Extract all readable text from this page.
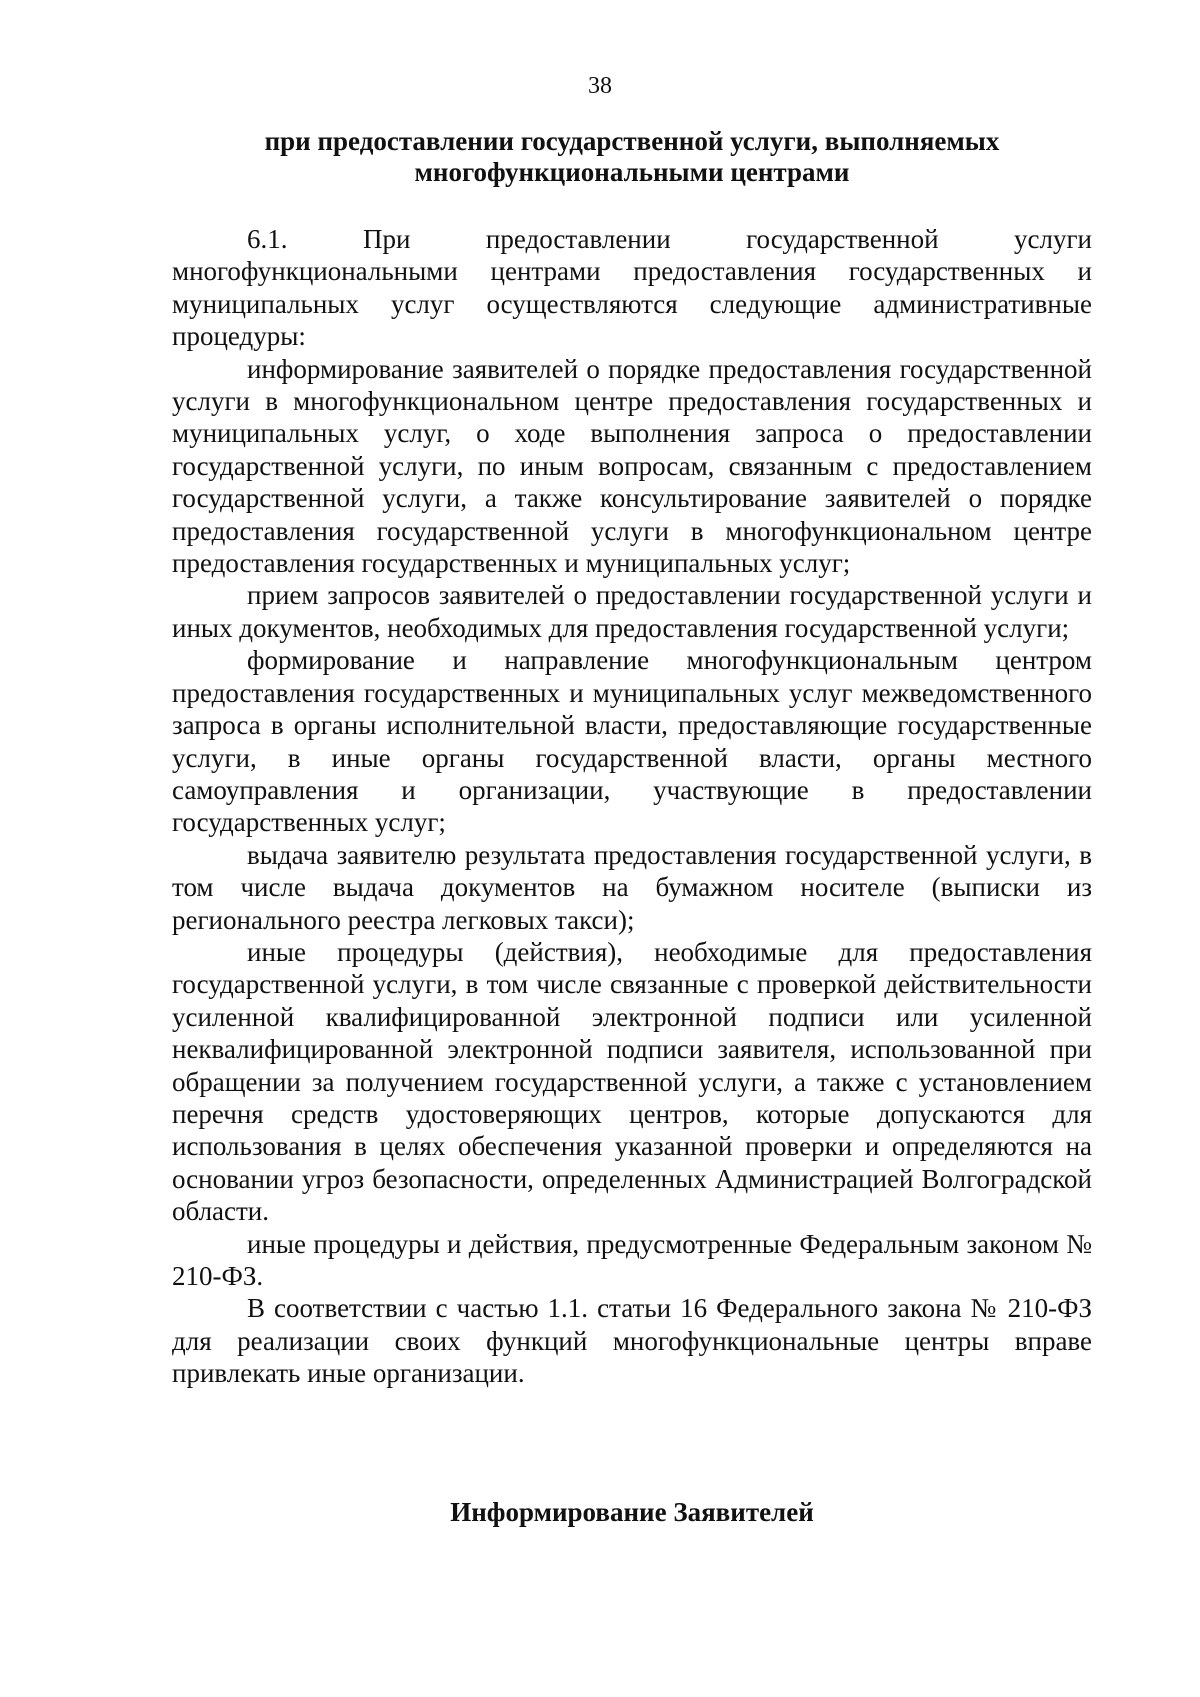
38
при предоставлении государственной услуги, выполняемых многофункциональными центрами

6.1. При предоставлении государственной услуги многофункциональными центрами предоставления государственных и муниципальных услуг осуществляются следующие административные процедуры:

информирование заявителей о порядке предоставления государственной услуги в многофункциональном центре предоставления государственных и муниципальных услуг, о ходе выполнения запроса о предоставлении государственной услуги, по иным вопросам, связанным с предоставлением государственной услуги, а также консультирование заявителей о порядке предоставления государственной услуги в многофункциональном центре предоставления государственных и муниципальных услуг;

прием запросов заявителей о предоставлении государственной услуги и иных документов, необходимых для предоставления государственной услуги;

формирование и направление многофункциональным центром предоставления государственных и муниципальных услуг межведомственного запроса в органы исполнительной власти, предоставляющие государственные услуги, в иные органы государственной власти, органы местного самоуправления и организации, участвующие в предоставлении государственных услуг;

выдача заявителю результата предоставления государственной услуги, в том числе выдача документов на бумажном носителе (выписки из регионального реестра легковых такси);

иные процедуры (действия), необходимые для предоставления государственной услуги, в том числе связанные с проверкой действительности усиленной квалифицированной электронной подписи или усиленной неквалифицированной электронной подписи заявителя, использованной при обращении за получением государственной услуги, а также с установлением перечня средств удостоверяющих центров, которые допускаются для использования в целях обеспечения указанной проверки и определяются на основании угроз безопасности, определенных Администрацией Волгоградской области.

иные процедуры и действия, предусмотренные Федеральным законом № 210-ФЗ.

В соответствии с частью 1.1. статьи 16 Федерального закона № 210-ФЗ для реализации своих функций многофункциональные центры вправе привлекать иные организации.

Информирование Заявителей
